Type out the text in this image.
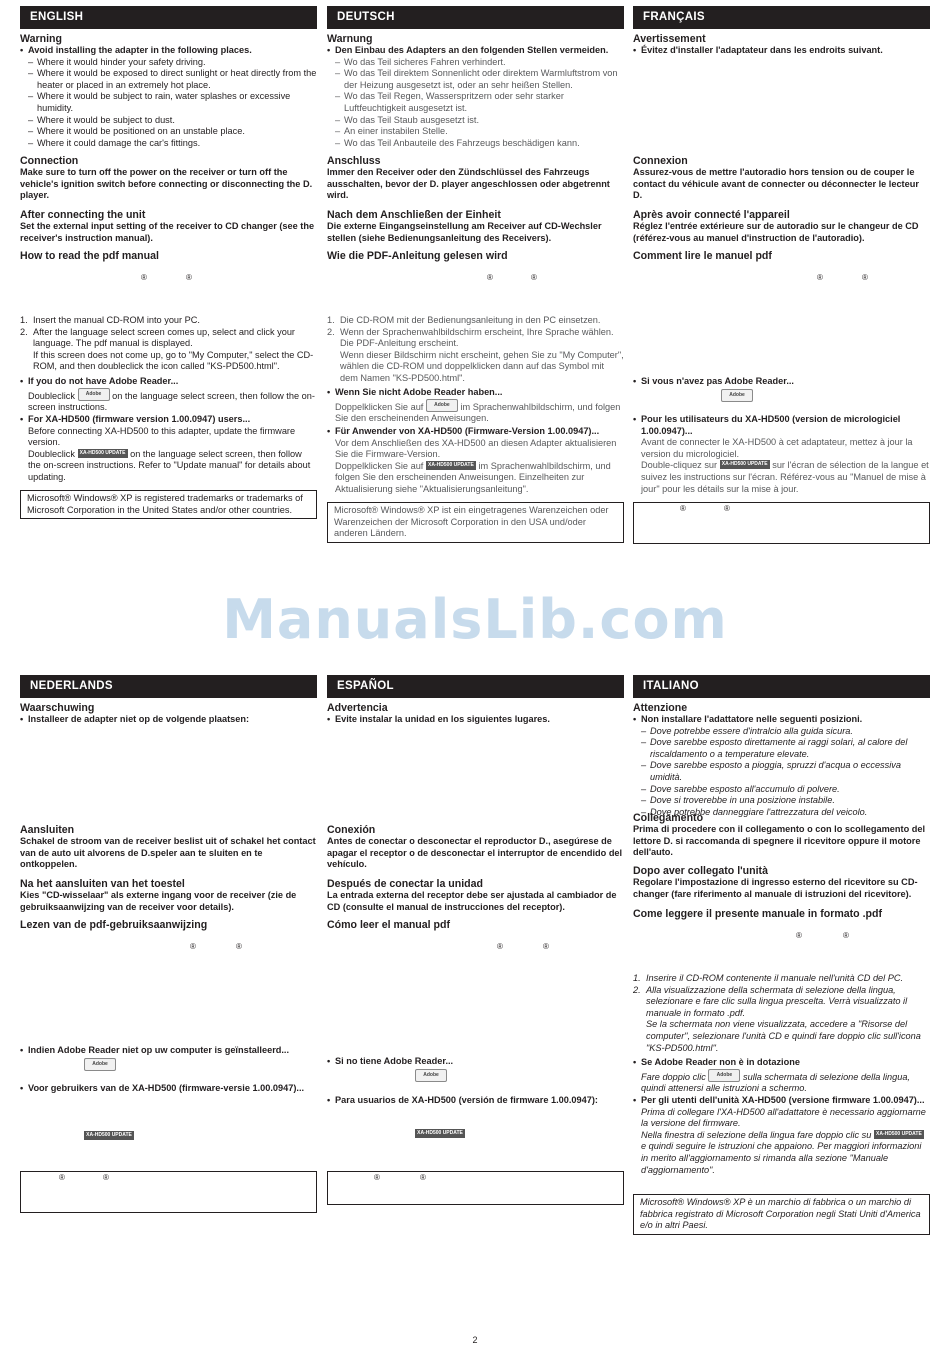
ENGLISH
Warning
• Avoid installing the adapter in the following places.
– Where it would hinder your safety driving.
– Where it would be exposed to direct sunlight or heat directly from the heater or placed in an extremely hot place.
– Where it would be subject to rain, water splashes or excessive humidity.
– Where it would be subject to dust.
– Where it would be positioned on an unstable place.
– Where it could damage the car's fittings.
Connection
Make sure to turn off the power on the receiver or turn off the vehicle's ignition switch before connecting or disconnecting the D. player.
After connecting the unit
Set the external input setting of the receiver to CD changer (see the receiver's instruction manual).
How to read the pdf manual
®	®
1. Insert the manual CD-ROM into your PC.
2. After the language select screen comes up, select and click your language. The pdf manual is displayed.
If this screen does not come up, go to "My Computer," select the CD-ROM, and then doubleclick the icon called "KS-PD500.html".
• If you do not have Adobe Reader...
Doubleclick Adobe on the language select screen, then follow the on-screen instructions.
• For XA-HD500 (firmware version 1.00.0947) users...
Before connecting XA-HD500 to this adapter, update the firmware version.
Doubleclick XA-HD500 UPDATE on the language select screen, then follow the on-screen instructions. Refer to "Update manual" for details about updating.
Microsoft® Windows® XP is registered trademarks or trademarks of Microsoft Corporation in the United States and/or other countries.
DEUTSCH
Warnung
• Den Einbau des Adapters an den folgenden Stellen vermeiden.
– Wo das Teil sicheres Fahren verhindert.
– Wo das Teil direktem Sonnenlicht oder direktem Warmluftstrom von der Heizung ausgesetzt ist, oder an sehr heißen Stellen.
– Wo das Teil Regen, Wasserspritzern oder sehr starker Luftfeuchtigkeit ausgesetzt ist.
– Wo das Teil Staub ausgesetzt ist.
– An einer instabilen Stelle.
– Wo das Teil Anbauteile des Fahrzeugs beschädigen kann.
Anschluss
Immer den Receiver oder den Zündschlüssel des Fahrzeugs ausschalten, bevor der D. player angeschlossen oder abgetrennt wird.
Nach dem Anschließen der Einheit
Die externe Eingangseinstellung am Receiver auf CD-Wechsler stellen (siehe Bedienungsanleitung des Receivers).
Wie die PDF-Anleitung gelesen wird
®	®
1. Die CD-ROM mit der Bedienungsanleitung in den PC einsetzen.
2. Wenn der Sprachenwahlbildschirm erscheint, Ihre Sprache wählen. Die PDF-Anleitung erscheint.
Wenn dieser Bildschirm nicht erscheint, gehen Sie zu "My Computer", wählen die CD-ROM und doppelklicken dann auf das Symbol mit dem Namen "KS-PD500.html".
• Wenn Sie nicht Adobe Reader haben...
Doppelklicken Sie auf Adobe im Sprachenwahlbildschirm, und folgen Sie den erscheinenden Anweisungen.
• Für Anwender von XA-HD500 (Firmware-Version 1.00.0947)...
Vor dem Anschließen des XA-HD500 an diesen Adapter aktualisieren Sie die Firmware-Version.
Doppelklicken Sie auf XA-HD500 UPDATE im Sprachenwahlbildschirm, und folgen Sie den erscheinenden Anweisungen. Einzelheiten zur Aktualisierung siehe "Aktualisierungsanleitung".
Microsoft® Windows® XP ist ein eingetragenes Warenzeichen oder Warenzeichen der Microsoft Corporation in den USA und/oder anderen Ländern.
FRANÇAIS
Avertissement
• Évitez d'installer l'adaptateur dans les endroits suivant.
Connexion
Assurez-vous de mettre l'autoradio hors tension ou de couper le contact du véhicule avant de connecter ou déconnecter le lecteur D.
Après avoir connecté l'appareil
Réglez l'entrée extérieure sur de autoradio sur le changeur de CD (référez-vous au manuel d'instruction de l'autoradio).
Comment lire le manuel pdf
®	®
• Si vous n'avez pas Adobe Reader...
Adobe
• Pour les utilisateurs du XA-HD500 (version de micrologiciel 1.00.0947)...
Avant de connecter le XA-HD500 à cet adaptateur, mettez à jour la version du micrologiciel.
Double-cliquez sur XA-HD500 UPDATE sur l'écran de sélection de la langue et suivez les instructions sur l'écran. Référez-vous au "Manuel de mise à jour" pour les détails sur la mise à jour.
®	®
ManualsLib.com
NEDERLANDS
Waarschuwing
• Installeer de adapter niet op de volgende plaatsen:
Aansluiten
Schakel de stroom van de receiver beslist uit of schakel het contact van de auto uit alvorens de D.speler aan te sluiten en te ontkoppelen.
Na het aansluiten van het toestel
Kies "CD-wisselaar" als externe ingang voor de receiver (zie de gebruiksaanwijzing van de receiver voor details).
Lezen van de pdf-gebruiksaanwijzing
®	®
• Indien Adobe Reader niet op uw computer is geïnstalleerd...
Adobe
• Voor gebruikers van de XA-HD500 (firmware-versie 1.00.0947)...
XA-HD500 UPDATE
®	®
ESPAÑOL
Advertencia
• Evite instalar la unidad en los siguientes lugares.
Conexión
Antes de conectar o desconectar el reproductor D., asegúrese de apagar el receptor o de desconectar el interruptor de encendido del vehículo.
Después de conectar la unidad
La entrada externa del receptor debe ser ajustada al cambiador de CD (consulte el manual de instrucciones del receptor).
Cómo leer el manual pdf
®	®
• Si no tiene Adobe Reader...
Adobe
• Para usuarios de XA-HD500 (versión de firmware 1.00.0947):
XA-HD500 UPDATE
®	®
ITALIANO
Attenzione
• Non installare l'adattatore nelle seguenti posizioni.
– Dove potrebbe essere d'intralcio alla guida sicura.
– Dove sarebbe esposto direttamente ai raggi solari, al calore del riscaldamento o a temperature elevate.
– Dove sarebbe esposto a pioggia, spruzzi d'acqua o eccessiva umidità.
– Dove sarebbe esposto all'accumulo di polvere.
– Dove si troverebbe in una posizione instabile.
– Dove potrebbe danneggiare l'attrezzatura del veicolo.
Collegamento
Prima di procedere con il collegamento o con lo scollegamento del lettore D. si raccomanda di spegnere il ricevitore oppure il motore dell'auto.
Dopo aver collegato l'unità
Regolare l'impostazione di ingresso esterno del ricevitore su CD-changer (fare riferimento al manuale di istruzioni del ricevitore).
Come leggere il presente manuale in formato .pdf
®	®
1. Inserire il CD-ROM contenente il manuale nell'unità CD del PC.
2. Alla visualizzazione della schermata di selezione della lingua, selezionare e fare clic sulla lingua prescelta. Verrà visualizzato il manuale in formato .pdf.
Se la schermata non viene visualizzata, accedere a "Risorse del computer", selezionare l'unità CD e quindi fare doppio clic sull'icona "KS-PD500.html".
• Se Adobe Reader non è in dotazione
Fare doppio clic Adobe sulla schermata di selezione della lingua, quindi attenersi alle istruzioni a schermo.
• Per gli utenti dell'unità XA-HD500 (versione firmware 1.00.0947)...
Prima di collegare l'XA-HD500 all'adattatore è necessario aggiornarne la versione del firmware.
Nella finestra di selezione della lingua fare doppio clic su XA-HD500 UPDATE e quindi seguire le istruzioni che appaiono. Per maggiori informazioni in merito all'aggiornamento si rimanda alla sezione "Manuale d'aggiornamento".
Microsoft® Windows® XP è un marchio di fabbrica o un marchio di fabbrica registrato di Microsoft Corporation negli Stati Uniti d'America e/o in altri Paesi.
2
